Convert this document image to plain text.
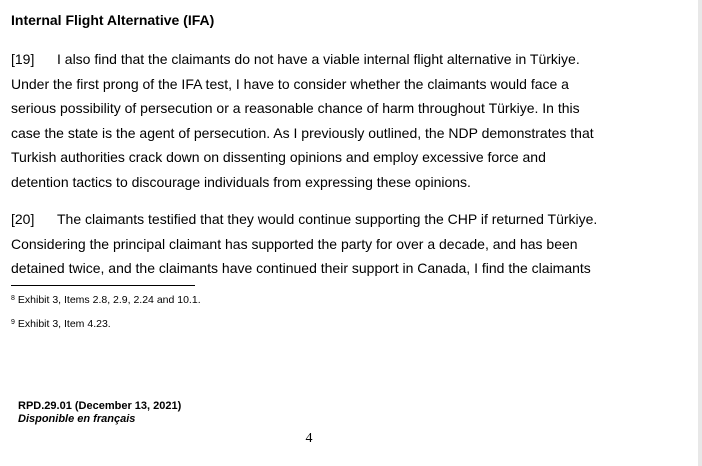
Internal Flight Alternative (IFA)
[19] I also find that the claimants do not have a viable internal flight alternative in Türkiye.
Under the first prong of the IFA test, I have to consider whether the claimants would face a
serious possibility of persecution or a reasonable chance of harm throughout Türkiye. In this
case the state is the agent of persecution. As I previously outlined, the NDP demonstrates that
Turkish authorities crack down on dissenting opinions and employ excessive force and
detention tactics to discourage individuals from expressing these opinions.
[20] The claimants testified that they would continue supporting the CHP if returned Türkiye.
Considering the principal claimant has supported the party for over a decade, and has been
detained twice, and the claimants have continued their support in Canada, I find the claimants
$^8$ Exhibit 3, Items 2.8, 2.9, 2.24 and 10.1.
$^9$ Exhibit 3, Item 4.23.
RPD.29.01 (December 13, 2021)
Disponible en français
4
